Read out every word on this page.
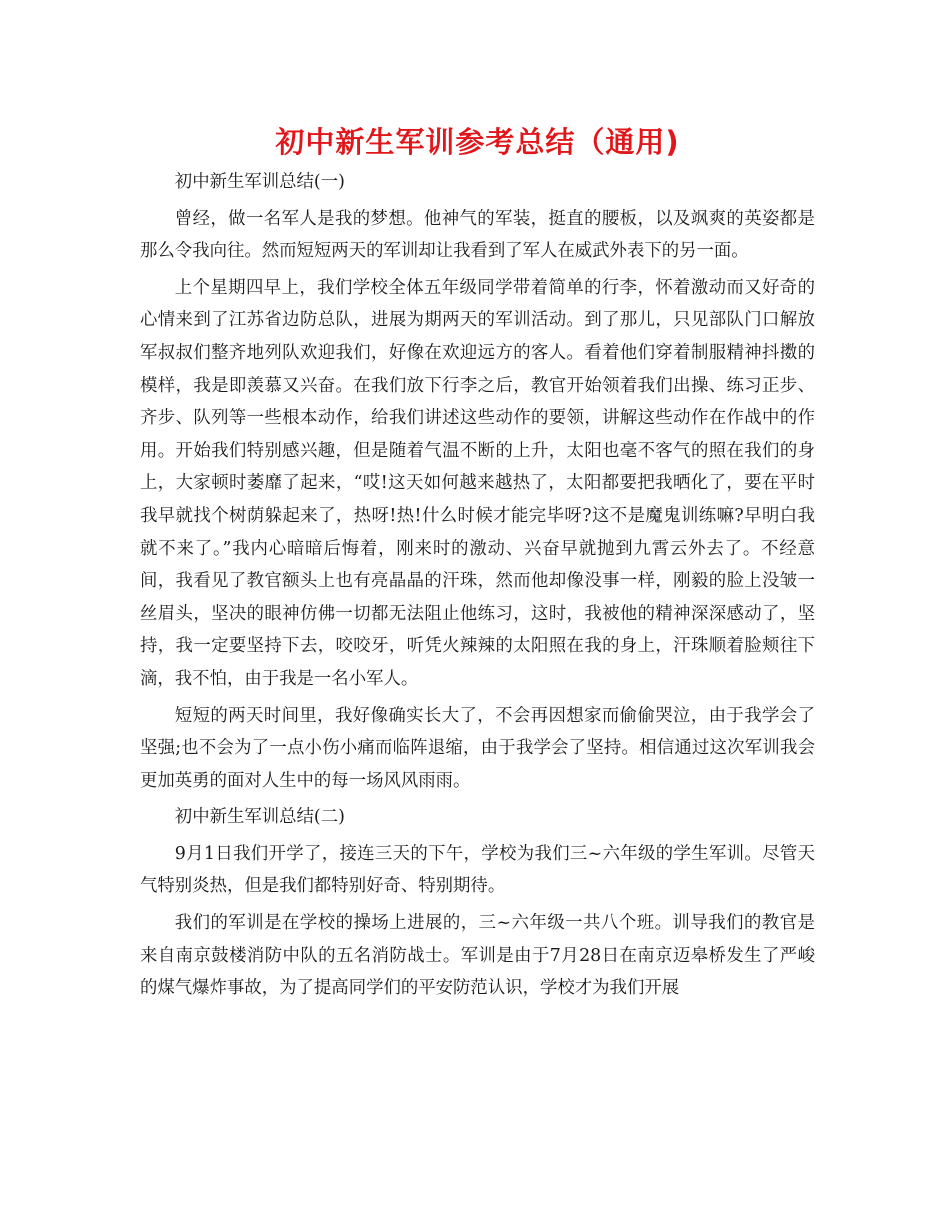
初中新生军训参考总结（通用)

初中新生军训总结(一)

曾经，做一名军人是我的梦想。他神气的军装，挺直的腰板，以及飒爽的英姿都是那么令我向往。然而短短两天的军训却让我看到了军人在威武外表下的另一面。

上个星期四早上，我们学校全体五年级同学带着简单的行李，怀着激动而又好奇的心情来到了江苏省边防总队，进展为期两天的军训活动。到了那儿，只见部队门口解放军叔叔们整齐地列队欢迎我们，好像在欢迎远方的客人。看着他们穿着制服精神抖擞的模样，我是即羡慕又兴奋。在我们放下行李之后，教官开始领着我们出操、练习正步、齐步、队列等一些根本动作，给我们讲述这些动作的要领，讲解这些动作在作战中的作用。开始我们特别感兴趣，但是随着气温不断的上升，太阳也毫不客气的照在我们的身上，大家顿时萎靡了起来，“哎!这天如何越来越热了，太阳都要把我晒化了，要在平时我早就找个树荫躲起来了，热呀!热!什么时候才能完毕呀?这不是魔鬼训练嘛?早明白我就不来了。”我内心暗暗后悔着，刚来时的激动、兴奋早就抛到九霄云外去了。不经意间，我看见了教官额头上也有亮晶晶的汗珠，然而他却像没事一样，刚毅的脸上没皱一丝眉头，坚决的眼神仿佛一切都无法阻止他练习，这时，我被他的精神深深感动了，坚持，我一定要坚持下去，咬咬牙，听凭火辣辣的太阳照在我的身上，汗珠顺着脸颊往下滴，我不怕，由于我是一名小军人。

短短的两天时间里，我好像确实长大了，不会再因想家而偷偷哭泣，由于我学会了坚强;也不会为了一点小伤小痛而临阵退缩，由于我学会了坚持。相信通过这次军训我会更加英勇的面对人生中的每一场风风雨雨。

初中新生军训总结(二)

9月1日我们开学了，接连三天的下午，学校为我们三~六年级的学生军训。尽管天气特别炎热，但是我们都特别好奇、特别期待。

我们的军训是在学校的操场上进展的，三~六年级一共八个班。训导我们的教官是来自南京鼓楼消防中队的五名消防战士。军训是由于7月28日在南京迈皋桥发生了严峻的煤气爆炸事故，为了提高同学们的平安防范认识，学校才为我们开展
